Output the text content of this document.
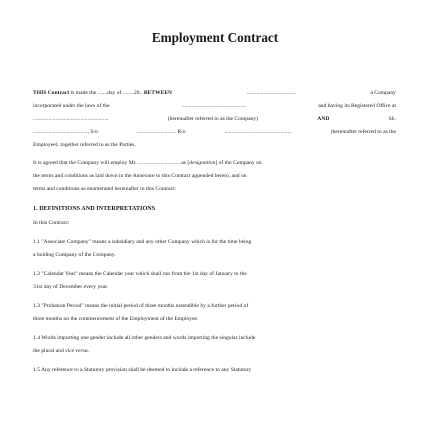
Employment Contract
THIS Contract is made the .......day of ........20.. BETWEEN	...................................	a Company
incorporated under the laws of the	..............................................	and having its Registered Office at
......................................................	(hereinafter referred to as the Company)	AND	Sh.
......................................., S/o	............................ R/o	................................................	(hereinafter referred to as the
Employee). together referred to as the Parties.
It is agreed that the Company will employ Mr. ...............................as [designation] of the Company on
the terms and conditions as laid down in the Annexure to this Contract appended hereto, and on
terms and conditions as enumerated hereinafter in this Contract:
1. DEFINITIONS AND INTERPRETATIONS
In this Contract:
1.1 "Associate Company" means a subsidiary and any other Company which is for the time being
a holding Company of the Company.
1.2 "Calendar Year" means the Calendar year which shall run from the 1st day of January to the
31st day of December every year.
1.3 "Probation Period" means the initial period of three months extendible by a further period of
three months on the commencement of the Employment of the Employee.
1.4 Words importing one gender include all other genders and words importing the singular include
the plural and vice versa.
1.5 Any reference to a Statutory provision shall be deemed to include a reference to any Statutory
